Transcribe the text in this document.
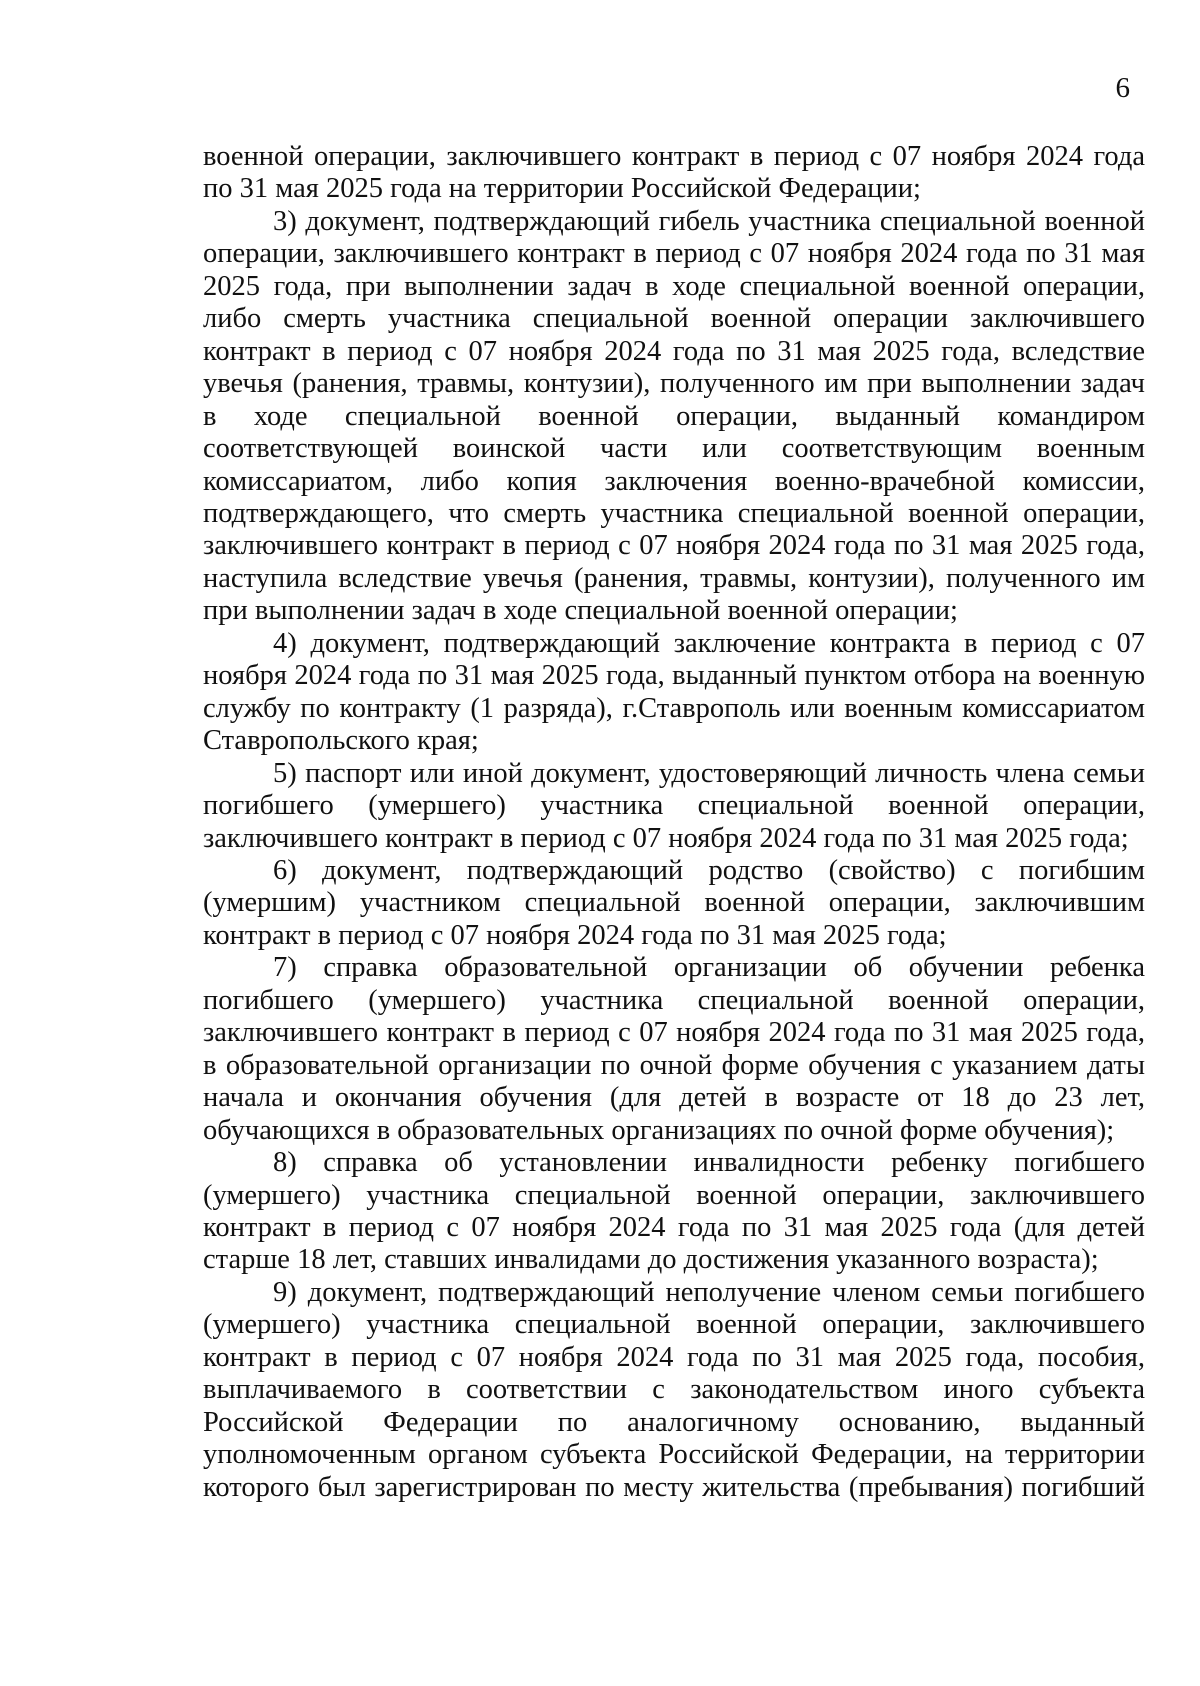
6

военной операции, заключившего контракт в период с 07 ноября 2024 года по 31 мая 2025 года на территории Российской Федерации;

3) документ, подтверждающий гибель участника специальной военной операции, заключившего контракт в период с 07 ноября 2024 года по 31 мая 2025 года, при выполнении задач в ходе специальной военной операции, либо смерть участника специальной военной операции заключившего контракт в период с 07 ноября 2024 года по 31 мая 2025 года, вследствие увечья (ранения, травмы, контузии), полученного им при выполнении задач в ходе специальной военной операции, выданный командиром соответствующей воинской части или соответствующим военным комиссариатом, либо копия заключения военно-врачебной комиссии, подтверждающего, что смерть участника специальной военной операции, заключившего контракт в период с 07 ноября 2024 года по 31 мая 2025 года, наступила вследствие увечья (ранения, травмы, контузии), полученного им при выполнении задач в ходе специальной военной операции;

4) документ, подтверждающий заключение контракта в период с 07 ноября 2024 года по 31 мая 2025 года, выданный пунктом отбора на военную службу по контракту (1 разряда), г.Ставрополь или военным комиссариатом Ставропольского края;

5) паспорт или иной документ, удостоверяющий личность члена семьи погибшего (умершего) участника специальной военной операции, заключившего контракт в период с 07 ноября 2024 года по 31 мая 2025 года;

6) документ, подтверждающий родство (свойство) с погибшим (умершим) участником специальной военной операции, заключившим контракт в период с 07 ноября 2024 года по 31 мая 2025 года;

7) справка образовательной организации об обучении ребенка погибшего (умершего) участника специальной военной операции, заключившего контракт в период с 07 ноября 2024 года по 31 мая 2025 года, в образовательной организации по очной форме обучения с указанием даты начала и окончания обучения (для детей в возрасте от 18 до 23 лет, обучающихся в образовательных организациях по очной форме обучения);

8) справка об установлении инвалидности ребенку погибшего (умершего) участника специальной военной операции, заключившего контракт в период с 07 ноября 2024 года по 31 мая 2025 года (для детей старше 18 лет, ставших инвалидами до достижения указанного возраста);

9) документ, подтверждающий неполучение членом семьи погибшего (умершего) участника специальной военной операции, заключившего контракт в период с 07 ноября 2024 года по 31 мая 2025 года, пособия, выплачиваемого в соответствии с законодательством иного субъекта Российской Федерации по аналогичному основанию, выданный уполномоченным органом субъекта Российской Федерации, на территории которого был зарегистрирован по месту жительства (пребывания) погибший
